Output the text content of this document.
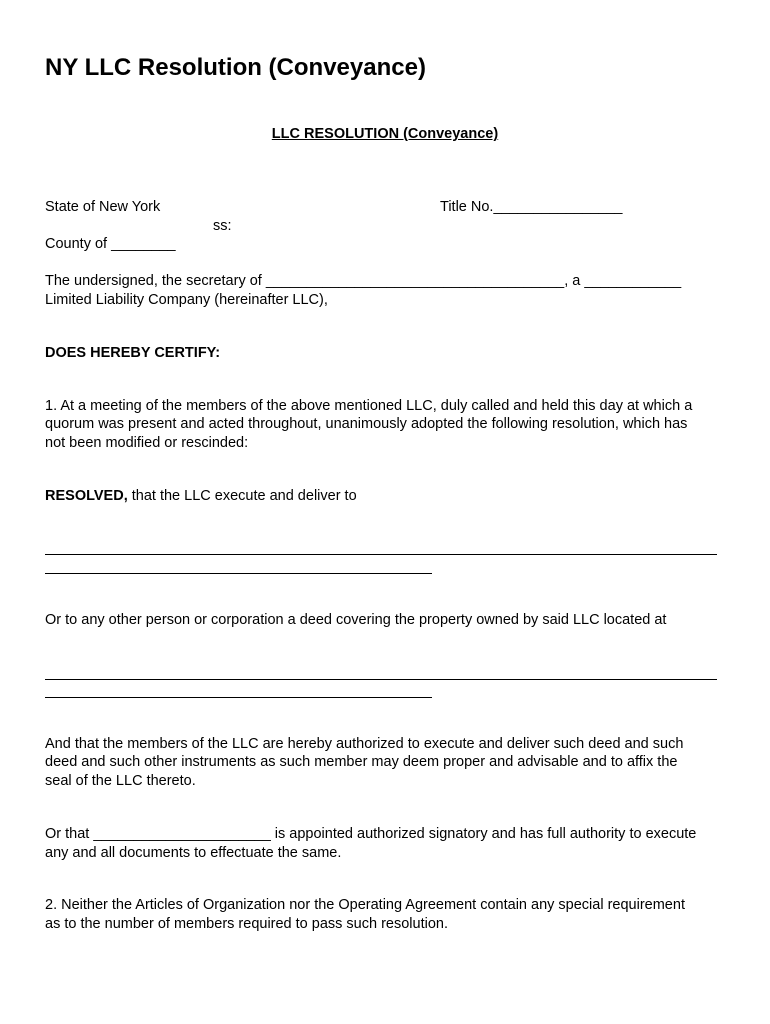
NY LLC Resolution (Conveyance)
LLC RESOLUTION (Conveyance)
State of New York	Title No.________________
ss:
County of ________
The undersigned, the secretary of _____________________________________, a ____________
Limited Liability Company (hereinafter LLC),
DOES HEREBY CERTIFY:
1. At a meeting of the members of the above mentioned LLC, duly called and held this day at which a
quorum was present and acted throughout, unanimously adopted the following resolution, which has
not been modified or rescinded:
RESOLVED, that the LLC execute and deliver to
Or to any other person or corporation a deed covering the property owned by said LLC located at
And that the members of the LLC are hereby authorized to execute and deliver such deed and such
deed and such other instruments as such member may deem proper and advisable and to affix the
seal of the LLC thereto.
Or that ______________________ is appointed authorized signatory and has full authority to execute
any and all documents to effectuate the same.
2. Neither the Articles of Organization nor the Operating Agreement contain any special requirement
as to the number of members required to pass such resolution.
